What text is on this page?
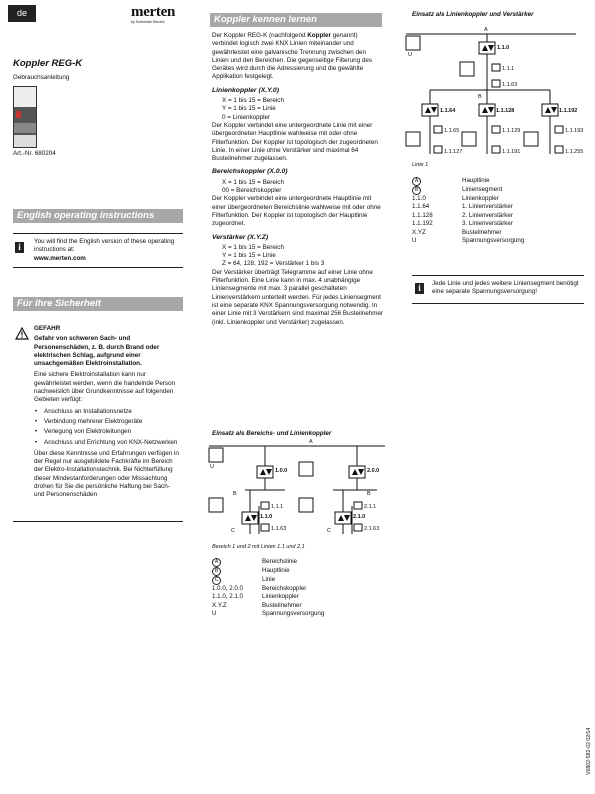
de	merten
by Schneider Electric
Koppler REG-K
Gebrauchsanleitung
Art.-Nr. 680204
English operating instructions
i
You will find the English version of these operating instructions at:
www.merten.com
Für Ihre Sicherheit
GEFAHR

Gefahr von schweren Sach- und Personenschäden, z. B. durch Brand oder elektrischen Schlag, aufgrund einer unsachgemäßen Elektroinstallation.

Eine sichere Elektroinstallation kann nur gewährleistet werden, wenn die handelnde Person nachweislich über Grundkenntnisse auf folgenden Gebieten verfügt:

• Anschluss an Installationsnetze
• Verbindung mehrerer Elektrogeräte
• Verlegung von Elektroleitungen
• Anschluss und Errichtung von KNX-Netzwerken

Über diese Kenntnisse und Erfahrungen verfügen in der Regel nur ausgebildete Fachkräfte im Bereich der Elektro-Installationstechnik. Bei Nichterfüllung dieser Mindestanforderungen oder Missachtung drohen für Sie die persönliche Haftung bei Sach- und Personenschäden

Koppler kennen lernen

Der Koppler REG-K (nachfolgend Koppler genannt) verbindet logisch zwei KNX Linien miteinander und gewährleistet eine galvanische Trennung zwischen den Linien und den Bereichen. Die gegenseitige Filterung des Gerätes wird durch die Adressierung und die gewählte Applikation festgelegt.

Linienkoppler (X.Y.0)
X = 1 bis 15 = Bereich
Y = 1 bis 15 = Linie
0 = Linienkoppler

Der Koppler verbindet eine untergeordnete Linie mit einer übergeordneten Hauptlinie wahlweise mit oder ohne Filterfunktion. Der Koppler ist topologisch der zugeordneten Linie. In einer Linie ohne Verstärker sind maximal 64 Busteilnehmer zugelassen.

Bereichskoppler (X.0.0)
X = 1 bis 15 = Bereich
00 = Bereichskoppler

Der Koppler verbindet eine untergeordnete Hauptlinie mit einer übergeordneten Bereichslinie wahlweise mit oder ohne Filterfunktion. Der Koppler ist topologisch der Hauptlinie zugeordnet.

Verstärker (X.Y.Z)
X = 1 bis 15 = Bereich
Y = 1 bis 15 = Linie
Z = 64, 128, 192 = Verstärker 1 bis 3

Der Verstärker überträgt Telegramme auf einer Linie ohne Filterfunktion. Eine Linie kann in max. 4 unabhängige Liniensegmente mit max. 3 parallel geschalteten Linienverstärkern unterteilt werden. Für jedes Liniensegment ist eine separate KNX Spannungsversorgung notwendig. In einer Linie mit 3 Verstärkern sind maximal 256 Busteilnehmer (inkl. Linienkoppler und Verstärker) zugelassen.

Einsatz als Bereichs- und Linienkoppler
A
B	B
C	C
U
1.0.0	2.0.0
1.1.0	2.1.0
1.1.1
1.1.63
2.1.1
2.1.63
Bereich 1 und 2 mit Linien 1.1 und 2.1
A	Bereichslinie
B	Hauptlinie
C	Linie
1.0.0, 2.0.0	Bereichskoppler
1.1.0, 2.1.0	Linienkoppler
X.Y.Z	Busteilnehmer
U	Spannungsversorgung
Einsatz als Linienkoppler und Verstärker
A
B
U
1.1.0
1.1.1
1.1.63
1.1.64	1.1.128	1.1.192
1.1.65
1.1.127
1.1.129
1.1.191
1.1.193
1.1.255
Linie 1
A	Hauptlinie
B	Liniensegment
1.1.0	Linienkoppler
1.1.64	1. Linienverstärker
1.1.128	2. Linienverstärker
1.1.192	3. Linienverstärker
X.YZ	Busteilnehmer
U	Spannungsversorgung
i	Jede Linie und jedes weitere Liniensegment benötigt eine separate Spannungsversorgung!
V6802-582-02 02/14
